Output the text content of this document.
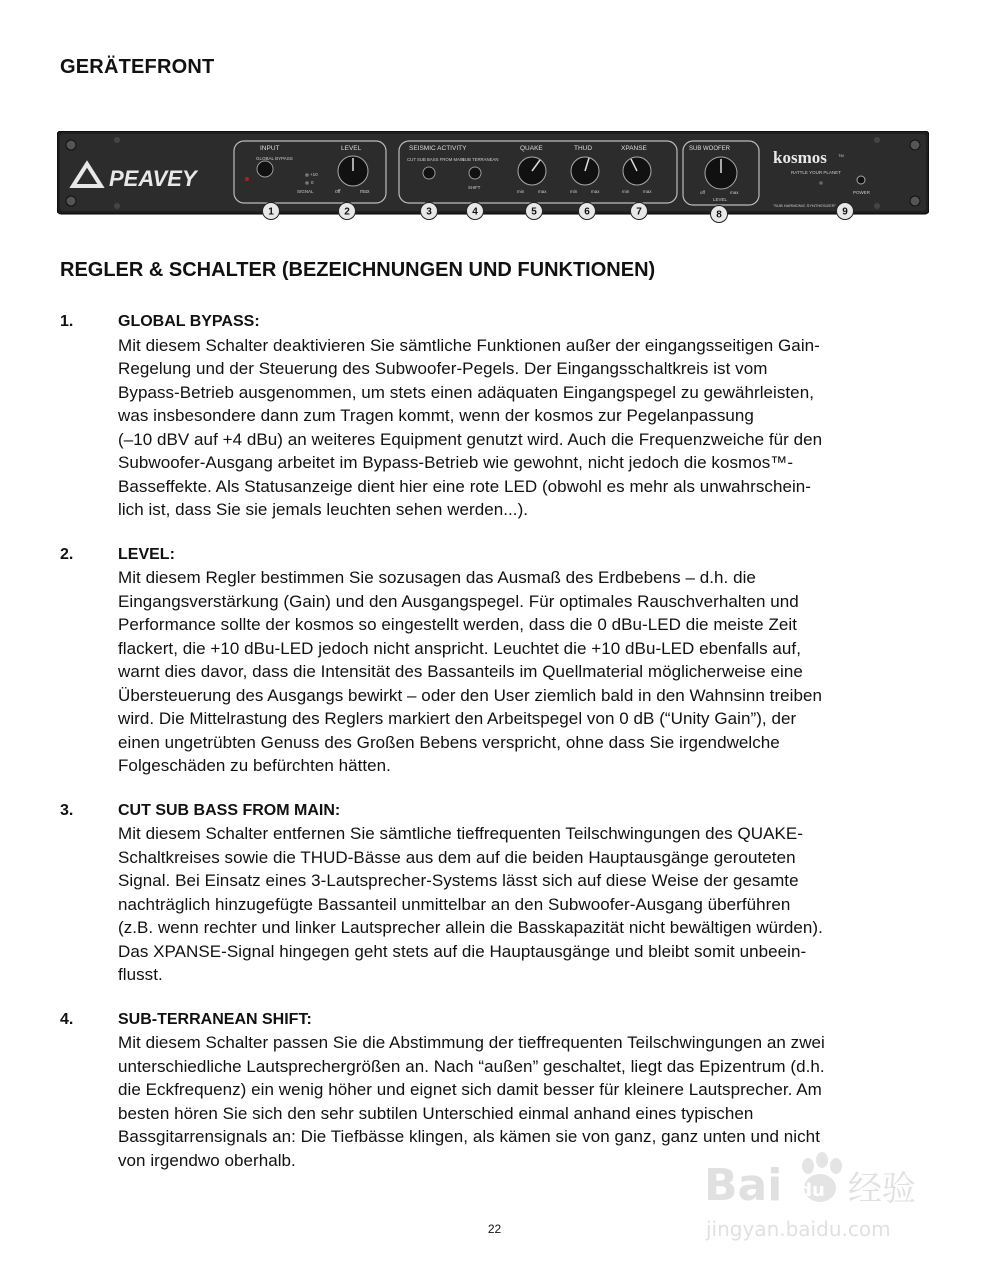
GERÄTEFRONT
PEAVEY
INPUT
GLOBAL BYPASS
+10
0
SIGNAL
LEVEL
off	max
SEISMIC ACTIVITY
CUT SUB BASS FROM MAIN
SUB TERRANEAN
SHIFT
QUAKE
min	max
THUD
min	max
XPANSE
min	max
SUB WOOFER
off	max
LEVEL
kosmos	TM
RATTLE YOUR PLANET
POWER
"SUB HARMONIC SYNTHESIZER"
1	2	3	4	5	6	7	8	9
REGLER & SCHALTER (BEZEICHNUNGEN UND FUNKTIONEN)
1.	GLOBAL BYPASS:
Mit diesem Schalter deaktivieren Sie sämtliche Funktionen außer der eingangsseitigen Gain-
Regelung und der Steuerung des Subwoofer-Pegels. Der Eingangsschaltkreis ist vom
Bypass-Betrieb ausgenommen, um stets einen adäquaten Eingangspegel zu gewährleisten,
was insbesondere dann zum Tragen kommt, wenn der kosmos zur Pegelanpassung
(–10 dBV auf +4 dBu) an weiteres Equipment genutzt wird. Auch die Frequenzweiche für den
Subwoofer-Ausgang arbeitet im Bypass-Betrieb wie gewohnt, nicht jedoch die kosmos™-
Basseffekte. Als Statusanzeige dient hier eine rote LED (obwohl es mehr als unwahrschein-
lich ist, dass Sie sie jemals leuchten sehen werden...).
2.	LEVEL:
Mit diesem Regler bestimmen Sie sozusagen das Ausmaß des Erdbebens – d.h. die
Eingangsverstärkung (Gain) und den Ausgangspegel. Für optimales Rauschverhalten und
Performance sollte der kosmos so eingestellt werden, dass die 0 dBu-LED die meiste Zeit
flackert, die +10 dBu-LED jedoch nicht anspricht. Leuchtet die +10 dBu-LED ebenfalls auf,
warnt dies davor, dass die Intensität des Bassanteils im Quellmaterial möglicherweise eine
Übersteuerung des Ausgangs bewirkt – oder den User ziemlich bald in den Wahnsinn treiben
wird. Die Mittelrastung des Reglers markiert den Arbeitspegel von 0 dB (“Unity Gain”), der
einen ungetrübten Genuss des Großen Bebens verspricht, ohne dass Sie irgendwelche
Folgeschäden zu befürchten hätten.
3.	CUT SUB BASS FROM MAIN:
Mit diesem Schalter entfernen Sie sämtliche tieffrequenten Teilschwingungen des QUAKE-
Schaltkreises sowie die THUD-Bässe aus dem auf die beiden Hauptausgänge gerouteten
Signal. Bei Einsatz eines 3-Lautsprecher-Systems lässt sich auf diese Weise der gesamte
nachträglich hinzugefügte Bassanteil unmittelbar an den Subwoofer-Ausgang überführen
(z.B. wenn rechter und linker Lautsprecher allein die Basskapazität nicht bewältigen würden).
Das XPANSE-Signal hingegen geht stets auf die Hauptausgänge und bleibt somit unbeein-
flusst.
4.	SUB-TERRANEAN SHIFT:
Mit diesem Schalter passen Sie die Abstimmung der tieffrequenten Teilschwingungen an zwei
unterschiedliche Lautsprechergrößen an. Nach “außen” geschaltet, liegt das Epizentrum (d.h.
die Eckfrequenz) ein wenig höher und eignet sich damit besser für kleinere Lautsprecher. Am
besten hören Sie sich den sehr subtilen Unterschied einmal anhand eines typischen
Bassgitarrensignals an: Die Tiefbässe klingen, als kämen sie von ganz, ganz unten und nicht
von irgendwo oberhalb.
22
Bai du 经验
jingyan.baidu.com
